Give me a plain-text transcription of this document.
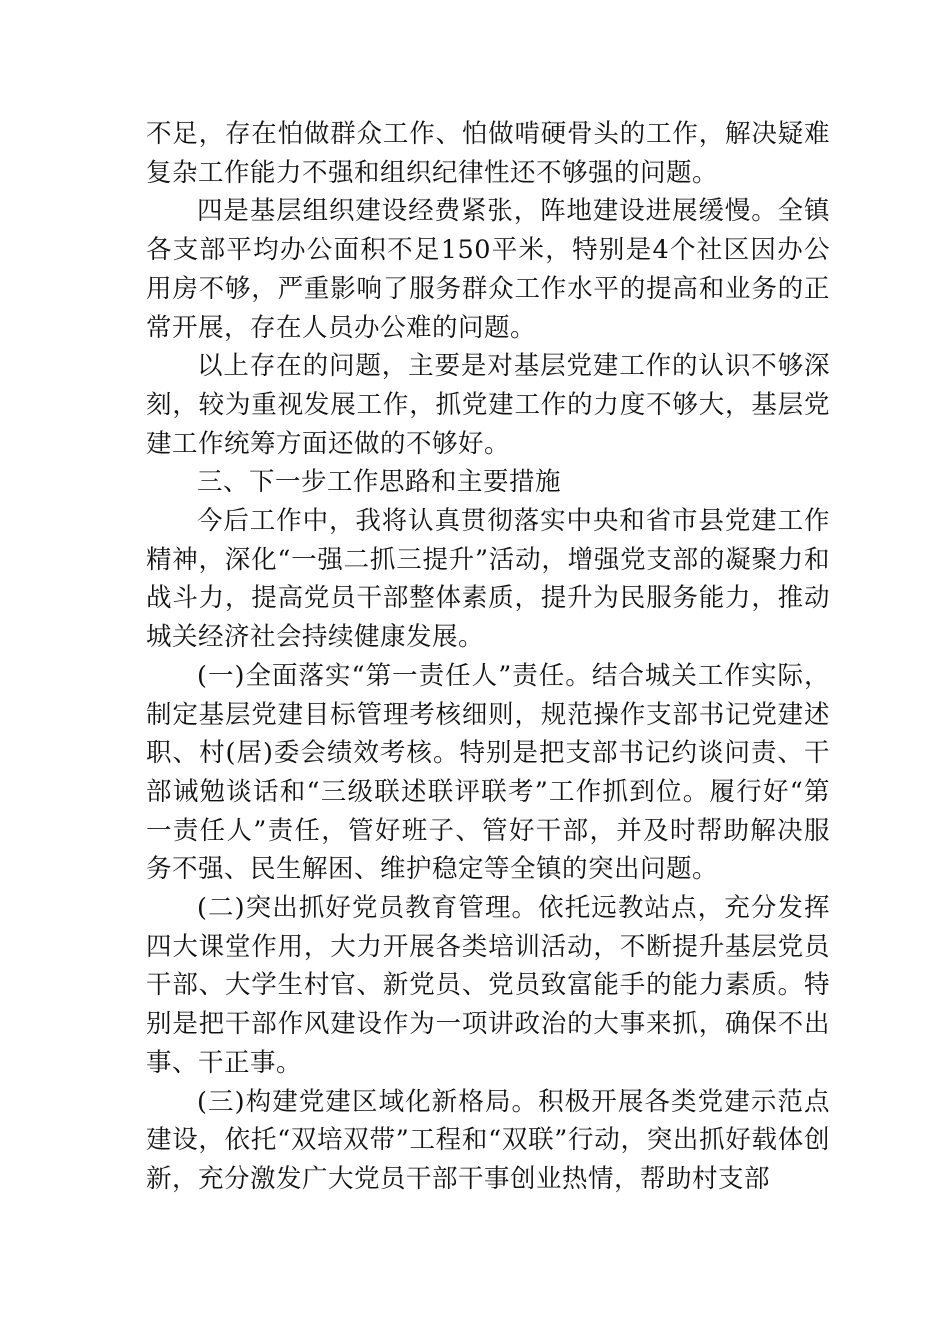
不足，存在怕做群众工作、怕做啃硬骨头的工作，解决疑难复杂工作能力不强和组织纪律性还不够强的问题。

四是基层组织建设经费紧张，阵地建设进展缓慢。全镇各支部平均办公面积不足150平米，特别是4个社区因办公用房不够，严重影响了服务群众工作水平的提高和业务的正常开展，存在人员办公难的问题。

以上存在的问题，主要是对基层党建工作的认识不够深刻，较为重视发展工作，抓党建工作的力度不够大，基层党建工作统筹方面还做的不够好。

三、下一步工作思路和主要措施

今后工作中，我将认真贯彻落实中央和省市县党建工作精神，深化“一强二抓三提升”活动，增强党支部的凝聚力和战斗力，提高党员干部整体素质，提升为民服务能力，推动城关经济社会持续健康发展。

(一)全面落实“第一责任人”责任。结合城关工作实际，制定基层党建目标管理考核细则，规范操作支部书记党建述职、村(居)委会绩效考核。特别是把支部书记约谈问责、干部诫勉谈话和“三级联述联评联考”工作抓到位。履行好“第一责任人”责任，管好班子、管好干部，并及时帮助解决服务不强、民生解困、维护稳定等全镇的突出问题。

(二)突出抓好党员教育管理。依托远教站点，充分发挥四大课堂作用，大力开展各类培训活动，不断提升基层党员干部、大学生村官、新党员、党员致富能手的能力素质。特别是把干部作风建设作为一项讲政治的大事来抓，确保不出事、干正事。

(三)构建党建区域化新格局。积极开展各类党建示范点建设，依托“双培双带”工程和“双联”行动，突出抓好载体创新，充分激发广大党员干部干事创业热情，帮助村支部
